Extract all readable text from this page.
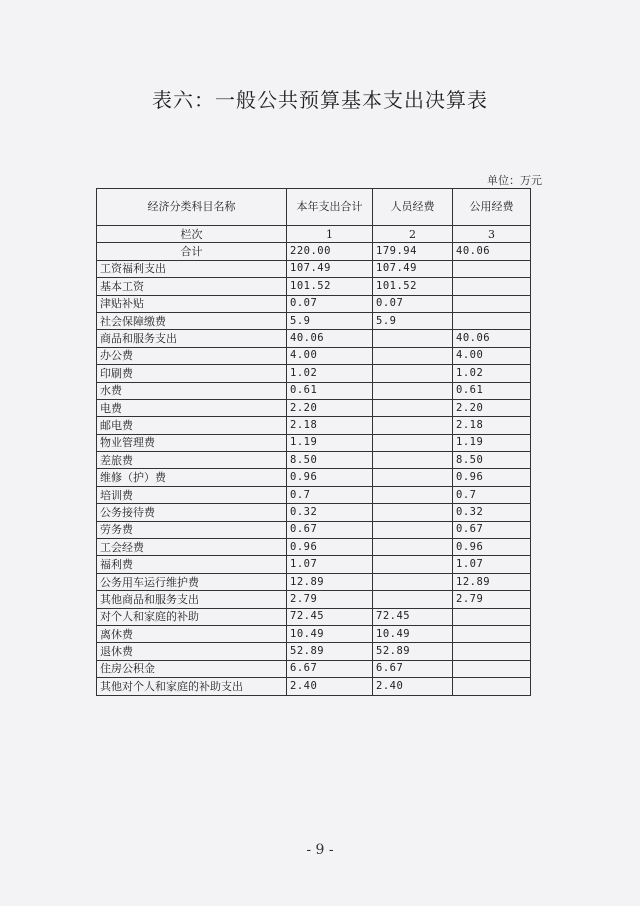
表六：一般公共预算基本支出决算表
单位：万元
经济分类科目名称	本年支出合计	人员经费	公用经费
栏次	1	2	3
合计	220.00	179.94	40.06
工资福利支出	107.49	107.49	
基本工资	101.52	101.52	
津贴补贴	0.07	0.07	
社会保障缴费	5.9	5.9	
商品和服务支出	40.06		40.06
办公费	4.00		4.00
印刷费	1.02		1.02
水费	0.61		0.61
电费	2.20		2.20
邮电费	2.18		2.18
物业管理费	1.19		1.19
差旅费	8.50		8.50
维修（护）费	0.96		0.96
培训费	0.7		0.7
公务接待费	0.32		0.32
劳务费	0.67		0.67
工会经费	0.96		0.96
福利费	1.07		1.07
公务用车运行维护费	12.89		12.89
其他商品和服务支出	2.79		2.79
对个人和家庭的补助	72.45	72.45	
离休费	10.49	10.49	
退休费	52.89	52.89	
住房公积金	6.67	6.67	
其他对个人和家庭的补助支出	2.40	2.40	
- 9 -
